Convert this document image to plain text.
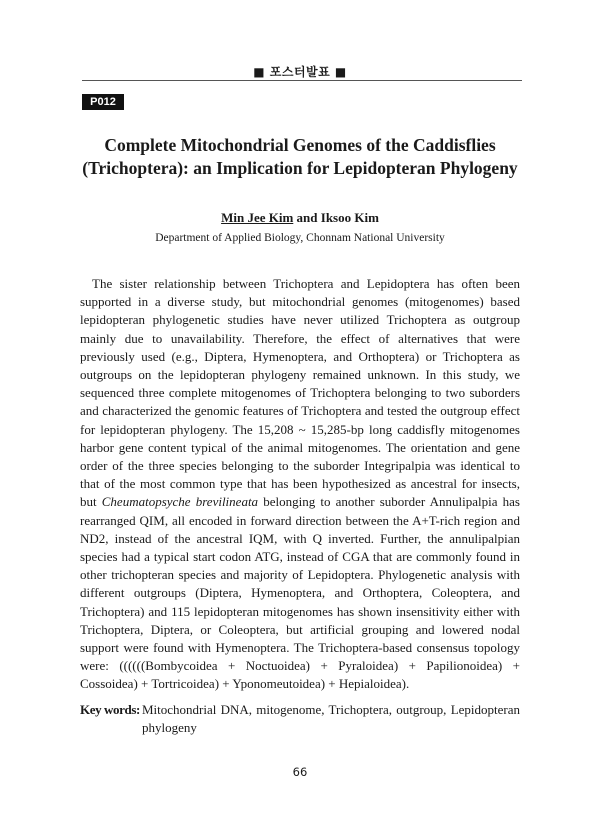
■ 포스터발표 ■
P012
Complete Mitochondrial Genomes of the Caddisflies
(Trichoptera): an Implication for Lepidopteran Phylogeny
Min Jee Kim and Iksoo Kim
Department of Applied Biology, Chonnam National University

The sister relationship between Trichoptera and Lepidoptera has often been supported in a diverse study, but mitochondrial genomes (mitogenomes) based lepidopteran phylogenetic studies have never utilized Trichoptera as outgroup mainly due to unavailability. Therefore, the effect of alternatives that were previously used (e.g., Diptera, Hymenoptera, and Orthoptera) or Trichoptera as outgroups on the lepidopteran phylogeny remained unknown. In this study, we sequenced three complete mitogenomes of Trichoptera belonging to two suborders and characterized the genomic features of Trichoptera and tested the outgroup effect for lepidopteran phylogeny. The 15,208 ~ 15,285-bp long caddisfly mitogenomes harbor gene content typical of the animal mitogenomes. The orientation and gene order of the three species belonging to the suborder Integripalpia was identical to that of the most common type that has been hypothesized as ancestral for insects, but Cheumatopsyche brevilineata belonging to another suborder Annulipalpia has rearranged QIM, all encoded in forward direction between the A+T-rich region and ND2, instead of the ancestral IQM, with Q inverted. Further, the annulipalpian species had a typical start codon ATG, instead of CGA that are commonly found in other trichopteran species and majority of Lepidoptera. Phylogenetic analysis with different outgroups (Diptera, Hymenoptera, and Orthoptera, Coleoptera, and Trichoptera) and 115 lepidopteran mitogenomes has shown insensitivity either with Trichoptera, Diptera, or Coleoptera, but artificial grouping and lowered nodal support were found with Hymenoptera. The Trichoptera-based consensus topology were: ((((((Bombycoidea + Noctuoidea) + Pyraloidea) + Papilionoidea) + Cossoidea) + Tortricoidea) + Yponomeutoidea) + Hepialoidea).

Key words: Mitochondrial DNA, mitogenome, Trichoptera, outgroup, Lepidopteran phylogeny
66
